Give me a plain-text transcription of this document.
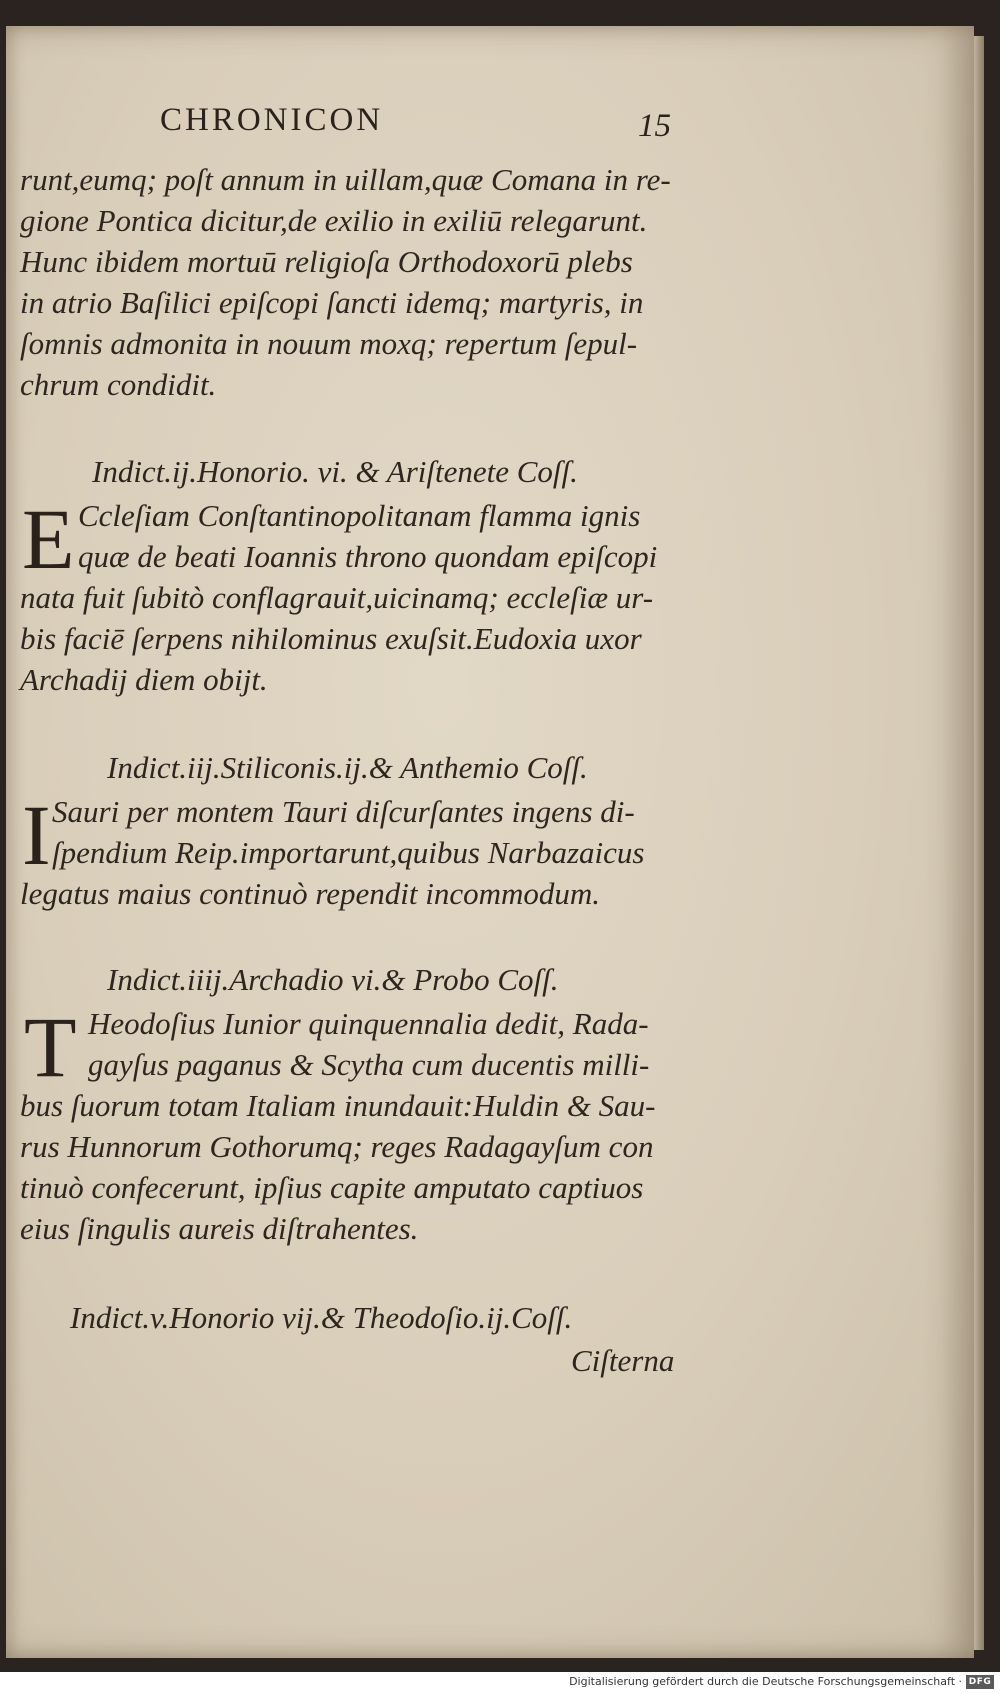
CHRONICON	15
runt,eumq; poſt annum in uillam,quæ Comana in re-
gione Pontica dicitur,de exilio in exiliū relegarunt.
Hunc ibidem mortuū religioſa Orthodoxorū plebs
in atrio Baſilici epiſcopi ſancti idemq; martyris, in
ſomnis admonita in nouum moxq; repertum ſepul-
chrum condidit.
Indict.ij.Honorio. vi. & Ariſtenete Coſſ.
E Ccleſiam Conſtantinopolitanam flamma ignis
quæ de beati Ioannis throno quondam epiſcopi
nata fuit ſubitò conflagrauit,uicinamq; eccleſiæ ur-
bis faciē ſerpens nihilominus exuſsit.Eudoxia uxor
Archadij diem obijt.
Indict.iij.Stiliconis.ij.& Anthemio Coſſ.
I Sauri per montem Tauri diſcurſantes ingens di-
ſpendium Reip.importarunt,quibus Narbazaicus
legatus maius continuò rependit incommodum.
Indict.iiij.Archadio vi.& Probo Coſſ.
T Heodoſius Iunior quinquennalia dedit, Rada-
gayſus paganus & Scytha cum ducentis milli-
bus ſuorum totam Italiam inundauit:Huldin & Sau-
rus Hunnorum Gothorumq; reges Radagayſum con
tinuò confecerunt, ipſius capite amputato captiuos
eius ſingulis aureis diſtrahentes.
Indict.v.Honorio vij.& Theodoſio.ij.Coſſ.
Ciſterna
Digitalisierung gefördert durch die Deutsche Forschungsgemeinschaft · DFG
